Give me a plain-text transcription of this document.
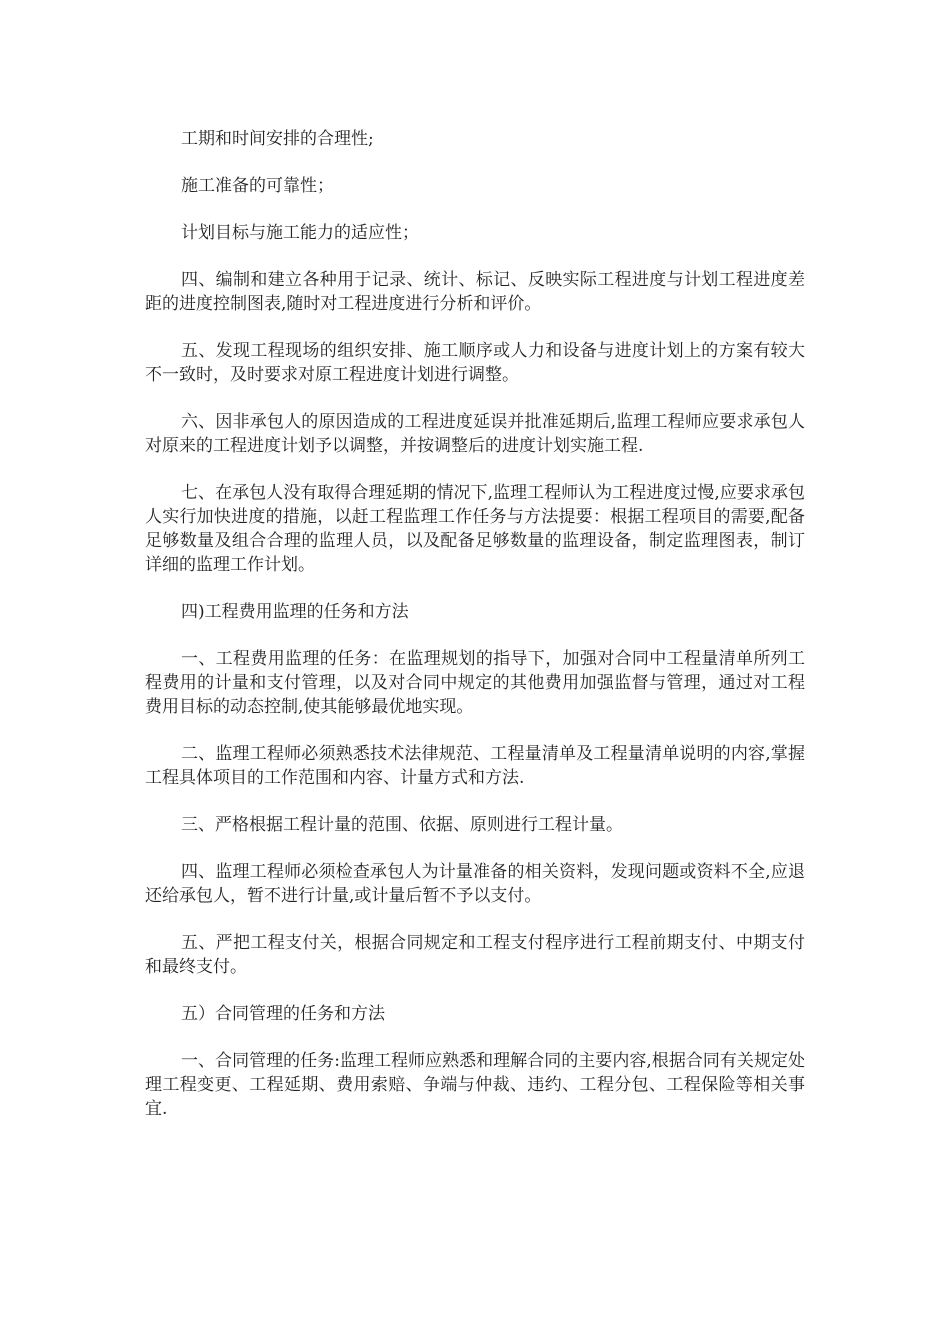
工期和时间安排的合理性;

施工准备的可靠性；

计划目标与施工能力的适应性；

四、编制和建立各种用于记录、统计、标记、反映实际工程进度与计划工程进度差距的进度控制图表,随时对工程进度进行分析和评价。

五、发现工程现场的组织安排、施工顺序或人力和设备与进度计划上的方案有较大不一致时，及时要求对原工程进度计划进行调整。

六、因非承包人的原因造成的工程进度延误并批准延期后,监理工程师应要求承包人对原来的工程进度计划予以调整，并按调整后的进度计划实施工程.

七、在承包人没有取得合理延期的情况下,监理工程师认为工程进度过慢,应要求承包人实行加快进度的措施，以赶工程监理工作任务与方法提要：根据工程项目的需要,配备足够数量及组合合理的监理人员，以及配备足够数量的监理设备，制定监理图表，制订详细的监理工作计划。

四)工程费用监理的任务和方法

一、工程费用监理的任务：在监理规划的指导下，加强对合同中工程量清单所列工程费用的计量和支付管理，以及对合同中规定的其他费用加强监督与管理，通过对工程费用目标的动态控制,使其能够最优地实现。

二、监理工程师必须熟悉技术法律规范、工程量清单及工程量清单说明的内容,掌握工程具体项目的工作范围和内容、计量方式和方法.

三、严格根据工程计量的范围、依据、原则进行工程计量。

四、监理工程师必须检查承包人为计量准备的相关资料，发现问题或资料不全,应退还给承包人，暂不进行计量,或计量后暂不予以支付。

五、严把工程支付关，根据合同规定和工程支付程序进行工程前期支付、中期支付和最终支付。

五）合同管理的任务和方法

一、合同管理的任务:监理工程师应熟悉和理解合同的主要内容,根据合同有关规定处理工程变更、工程延期、费用索赔、争端与仲裁、违约、工程分包、工程保险等相关事宜.
